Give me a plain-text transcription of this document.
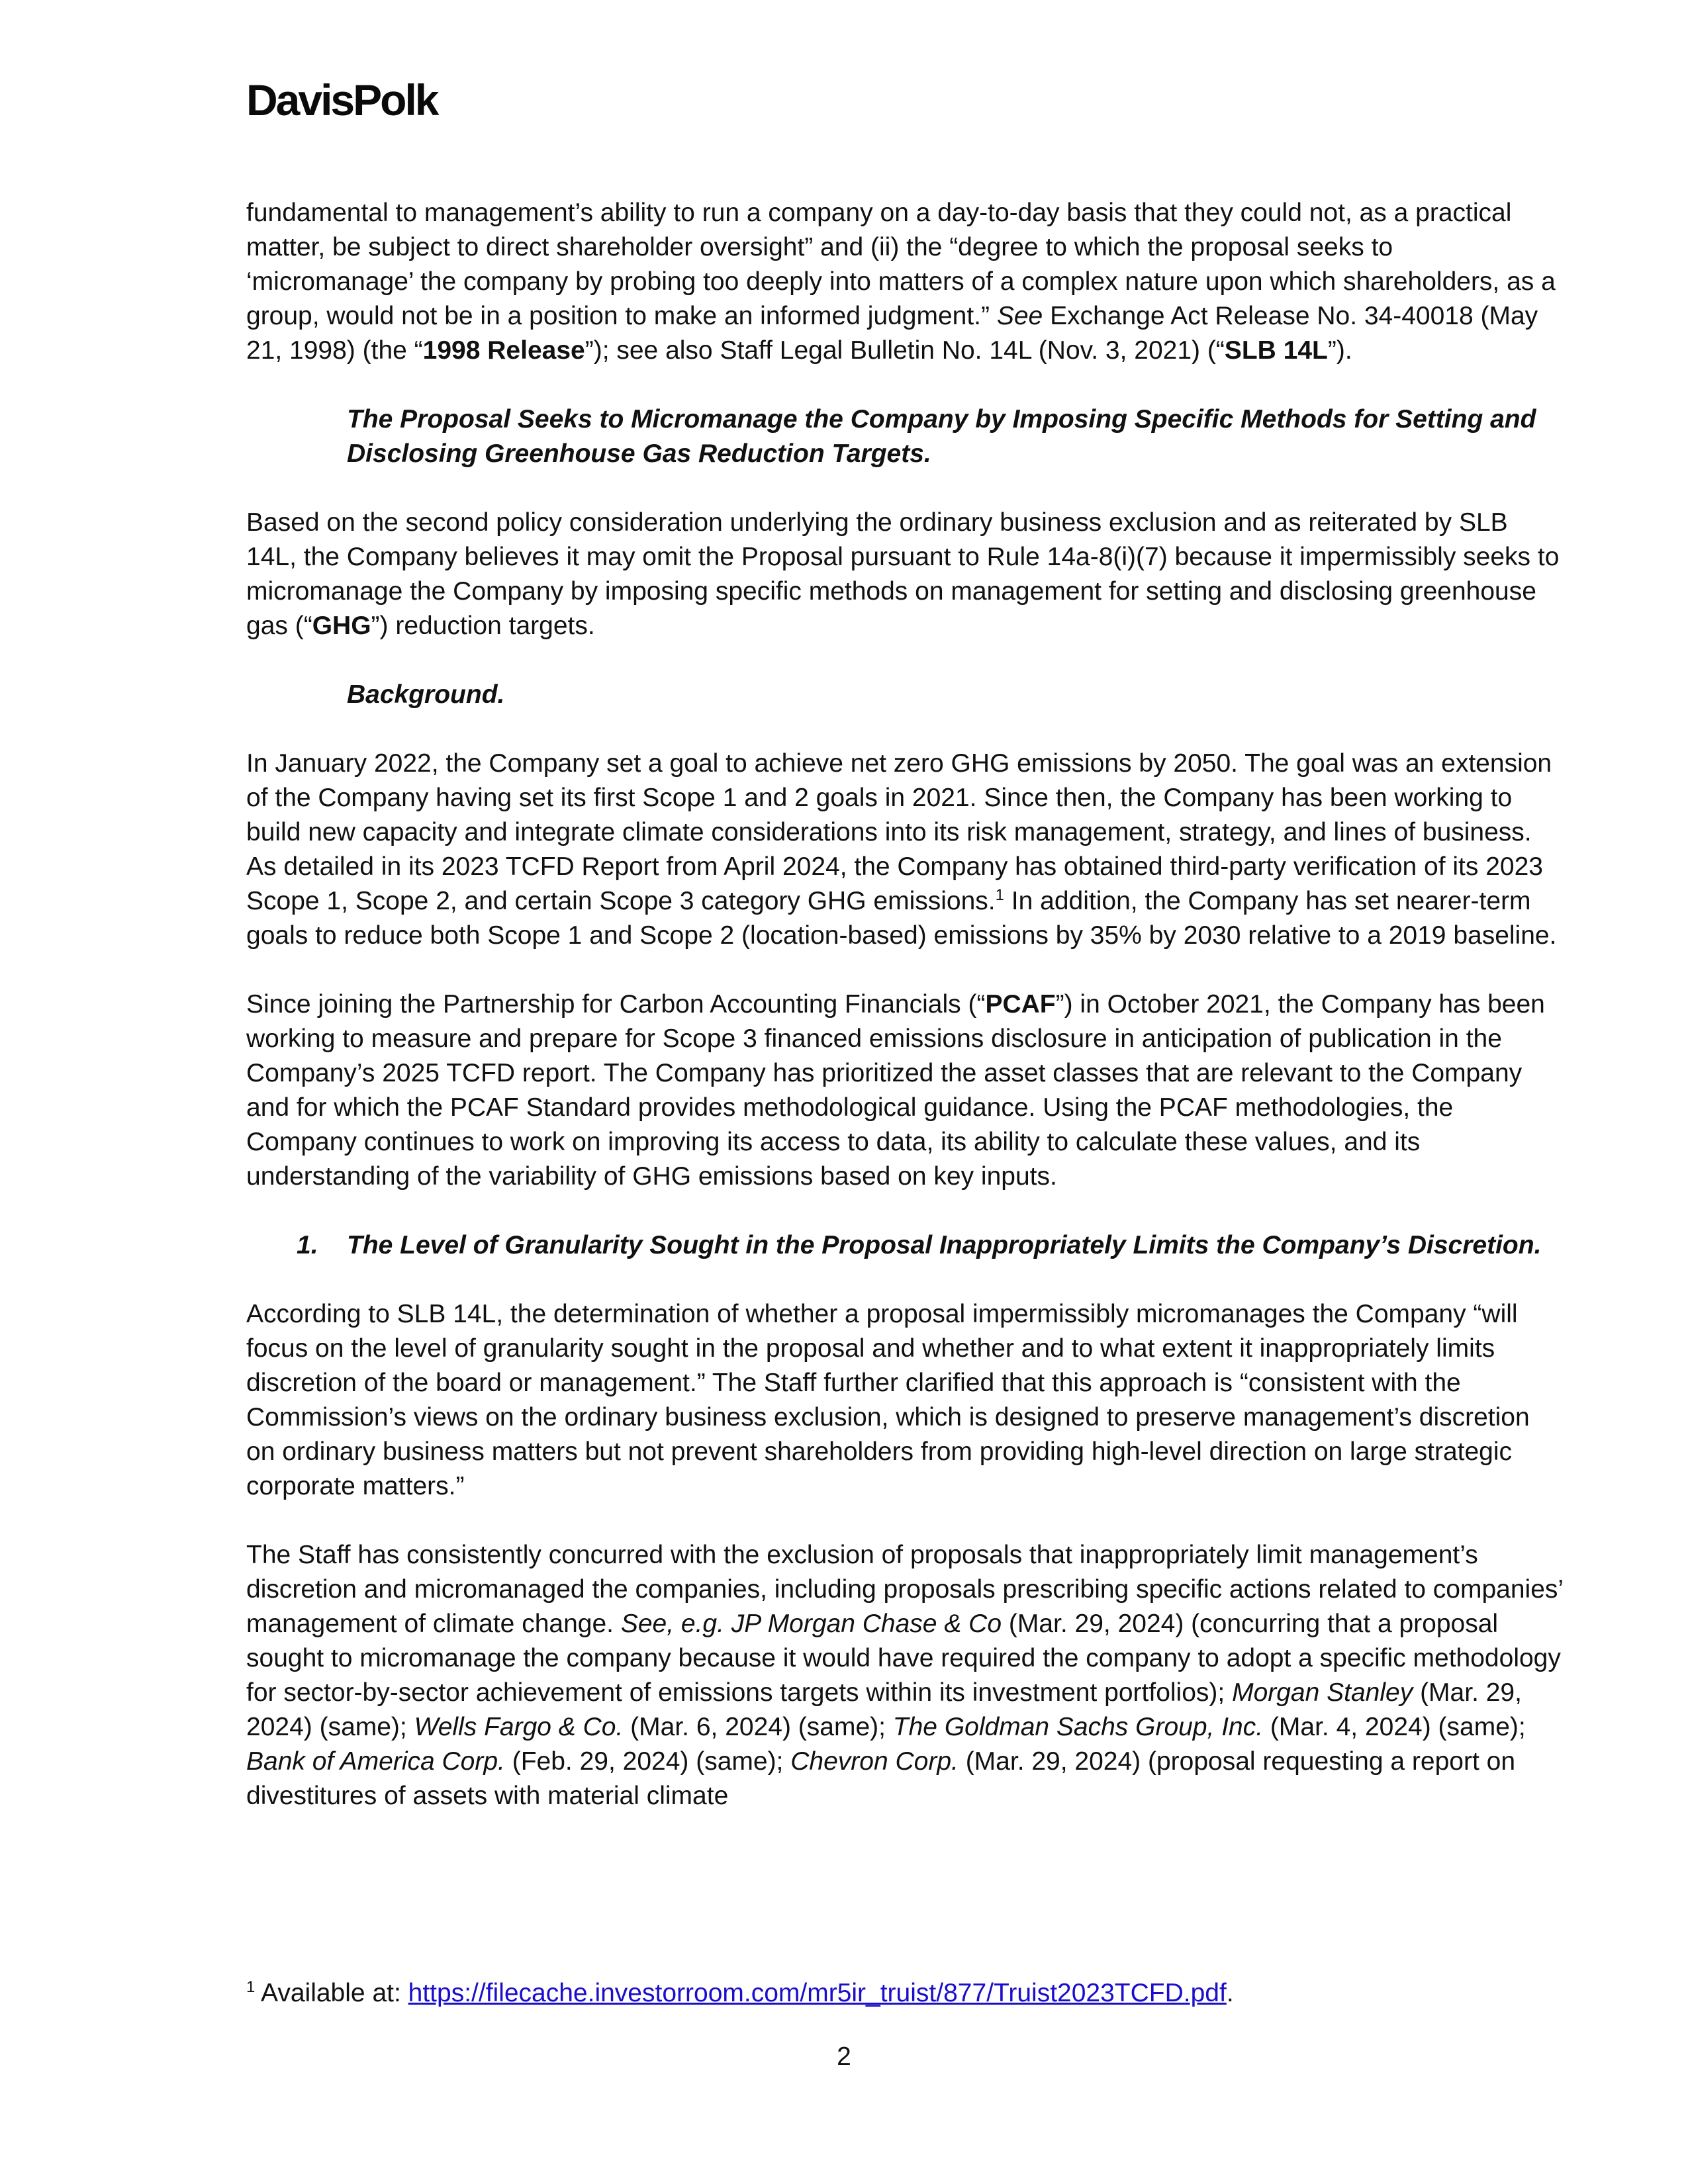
DavisPolk

fundamental to management’s ability to run a company on a day-to-day basis that they could not, as a practical matter, be subject to direct shareholder oversight” and (ii) the “degree to which the proposal seeks to ‘micromanage’ the company by probing too deeply into matters of a complex nature upon which shareholders, as a group, would not be in a position to make an informed judgment.” See Exchange Act Release No. 34-40018 (May 21, 1998) (the “1998 Release”); see also Staff Legal Bulletin No. 14L (Nov. 3, 2021) (“SLB 14L”).

The Proposal Seeks to Micromanage the Company by Imposing Specific Methods for Setting and Disclosing Greenhouse Gas Reduction Targets.

Based on the second policy consideration underlying the ordinary business exclusion and as reiterated by SLB 14L, the Company believes it may omit the Proposal pursuant to Rule 14a-8(i)(7) because it impermissibly seeks to micromanage the Company by imposing specific methods on management for setting and disclosing greenhouse gas (“GHG”) reduction targets.

Background.

In January 2022, the Company set a goal to achieve net zero GHG emissions by 2050. The goal was an extension of the Company having set its first Scope 1 and 2 goals in 2021. Since then, the Company has been working to build new capacity and integrate climate considerations into its risk management, strategy, and lines of business. As detailed in its 2023 TCFD Report from April 2024, the Company has obtained third-party verification of its 2023 Scope 1, Scope 2, and certain Scope 3 category GHG emissions.$^1$ In addition, the Company has set nearer-term goals to reduce both Scope 1 and Scope 2 (location-based) emissions by 35% by 2030 relative to a 2019 baseline.

Since joining the Partnership for Carbon Accounting Financials (“PCAF”) in October 2021, the Company has been working to measure and prepare for Scope 3 financed emissions disclosure in anticipation of publication in the Company’s 2025 TCFD report. The Company has prioritized the asset classes that are relevant to the Company and for which the PCAF Standard provides methodological guidance. Using the PCAF methodologies, the Company continues to work on improving its access to data, its ability to calculate these values, and its understanding of the variability of GHG emissions based on key inputs.

1. The Level of Granularity Sought in the Proposal Inappropriately Limits the Company’s Discretion.

According to SLB 14L, the determination of whether a proposal impermissibly micromanages the Company “will focus on the level of granularity sought in the proposal and whether and to what extent it inappropriately limits discretion of the board or management.” The Staff further clarified that this approach is “consistent with the Commission’s views on the ordinary business exclusion, which is designed to preserve management’s discretion on ordinary business matters but not prevent shareholders from providing high-level direction on large strategic corporate matters.”

The Staff has consistently concurred with the exclusion of proposals that inappropriately limit management’s discretion and micromanaged the companies, including proposals prescribing specific actions related to companies’ management of climate change. See, e.g. JP Morgan Chase & Co (Mar. 29, 2024) (concurring that a proposal sought to micromanage the company because it would have required the company to adopt a specific methodology for sector-by-sector achievement of emissions targets within its investment portfolios); Morgan Stanley (Mar. 29, 2024) (same); Wells Fargo & Co. (Mar. 6, 2024) (same); The Goldman Sachs Group, Inc. (Mar. 4, 2024) (same); Bank of America Corp. (Feb. 29, 2024) (same); Chevron Corp. (Mar. 29, 2024) (proposal requesting a report on divestitures of assets with material climate

$^1$ Available at: https://filecache.investorroom.com/mr5ir_truist/877/Truist2023TCFD.pdf.
2
